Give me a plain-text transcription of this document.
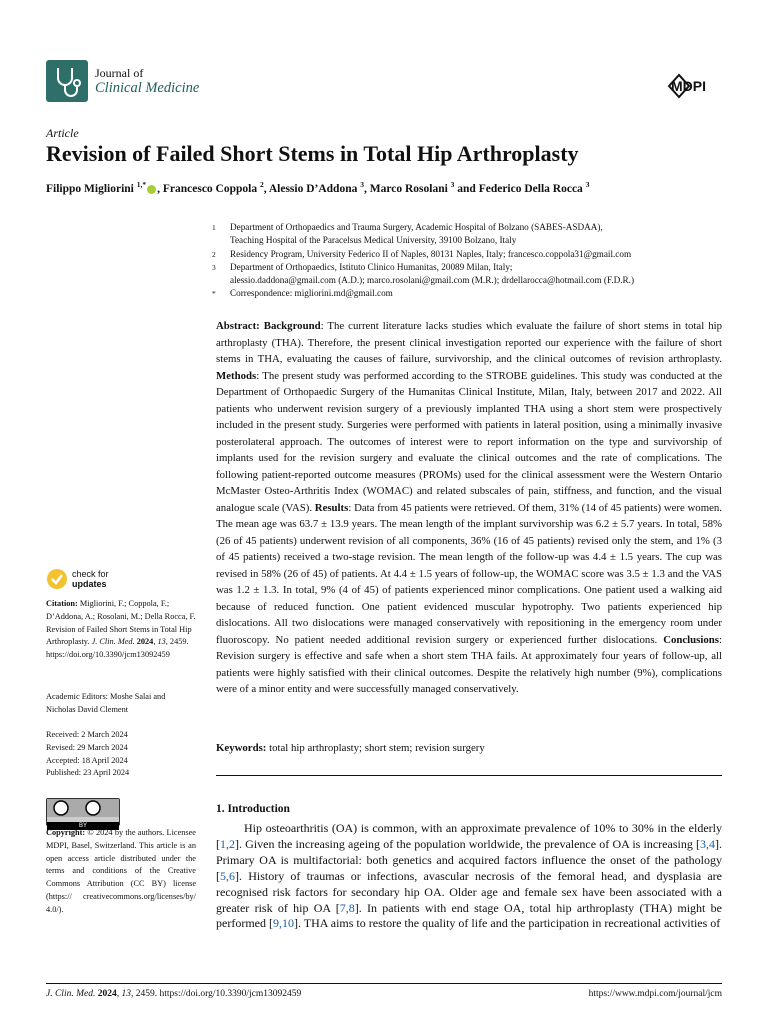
Journal of
Clinical Medicine	MDPI
Article
Revision of Failed Short Stems in Total Hip Arthroplasty
Filippo Migliorini $^{1,*}$ , Francesco Coppola $^2$, Alessio D’Addona $^3$, Marco Rosolani $^3$ and Federico Della Rocca $^3$
1	Department of Orthopaedics and Trauma Surgery, Academic Hospital of Bolzano (SABES-ASDAA),
Teaching Hospital of the Paracelsus Medical University, 39100 Bolzano, Italy
2	Residency Program, University Federico II of Naples, 80131 Naples, Italy; francesco.coppola31@gmail.com
3	Department of Orthopaedics, Istituto Clinico Humanitas, 20089 Milan, Italy;
alessio.daddona@gmail.com (A.D.); marco.rosolani@gmail.com (M.R.); drdellarocca@hotmail.com (F.D.R.)
*	Correspondence: migliorini.md@gmail.com
Abstract: Background: The current literature lacks studies which evaluate the failure of short stems in total hip arthroplasty (THA). Therefore, the present clinical investigation reported our experience with the failure of short stems in THA, evaluating the causes of failure, survivorship, and the clinical outcomes of revision arthroplasty. Methods: The present study was performed according to the STROBE guidelines. This study was conducted at the Department of Orthopaedic Surgery of the Humanitas Clinical Institute, Milan, Italy, between 2017 and 2022. All patients who underwent revision surgery of a previously implanted THA using a short stem were prospectively included in the present study. Surgeries were performed with patients in lateral position, using a minimally invasive posterolateral approach. The outcomes of interest were to report information on the type and survivorship of implants used for the revision surgery and evaluate the clinical outcomes and the rate of complications. The following patient-reported outcome measures (PROMs) used for the clinical assessment were the Western Ontario McMaster Osteo-Arthritis Index (WOMAC) and related subscales of pain, stiffness, and function, and the visual analogue scale (VAS). Results: Data from 45 patients were retrieved. Of them, 31% (14 of 45 patients) were women. The mean age was 63.7 ± 13.9 years. The mean length of the implant survivorship was 6.2 ± 5.7 years. In total, 58% (26 of 45 patients) underwent revision of all components, 36% (16 of 45 patients) revised only the stem, and 1% (3 of 45 patients) received a two-stage revision. The mean length of the follow-up was 4.4 ± 1.5 years. The cup was revised in 58% (26 of 45) of patients. At 4.4 ± 1.5 years of follow-up, the WOMAC score was 3.5 ± 1.3 and the VAS was 1.2 ± 1.3. In total, 9% (4 of 45) of patients experienced minor complications. One patient used a walking aid because of reduced function. One patient evidenced muscular hypotrophy. Two patients experienced hip dislocations. All two dislocations were managed conservatively with repositioning in the emergency room under fluoroscopy. No patient needed additional revision surgery or experienced further dislocations. Conclusions: Revision surgery is effective and safe when a short stem THA fails. At approximately four years of follow-up, all patients were highly satisfied with their clinical outcomes. Despite the relatively high number (9%), complications were of a minor entity and were successfully managed conservatively.
Keywords: total hip arthroplasty; short stem; revision surgery
check for
updates
Citation: Migliorini, F.; Coppola, F.; D’Addona, A.; Rosolani, M.; Della Rocca, F. Revision of Failed Short Stems in Total Hip Arthroplasty. J. Clin. Med. 2024, 13, 2459. https://doi.org/10.3390/jcm13092459
Academic Editors: Moshe Salai and Nicholas David Clement
Received: 2 March 2024
Revised: 29 March 2024
Accepted: 18 April 2024
Published: 23 April 2024
BY
Copyright: © 2024 by the authors. Licensee MDPI, Basel, Switzerland. This article is an open access article distributed under the terms and conditions of the Creative Commons Attribution (CC BY) license (https:// creativecommons.org/licenses/by/ 4.0/).
1. Introduction
Hip osteoarthritis (OA) is common, with an approximate prevalence of 10% to 30% in the elderly [1,2]. Given the increasing ageing of the population worldwide, the prevalence of OA is increasing [3,4]. Primary OA is multifactorial: both genetics and acquired factors influence the onset of the pathology [5,6]. History of traumas or infections, avascular necrosis of the femoral head, and dysplasia are recognised risk factors for secondary hip OA. Older age and female sex have been associated with a greater risk of hip OA [7,8]. In patients with end stage OA, total hip arthroplasty (THA) might be performed [9,10]. THA aims to restore the quality of life and the participation in recreational activities of
J. Clin. Med. 2024, 13, 2459. https://doi.org/10.3390/jcm13092459	https://www.mdpi.com/journal/jcm
